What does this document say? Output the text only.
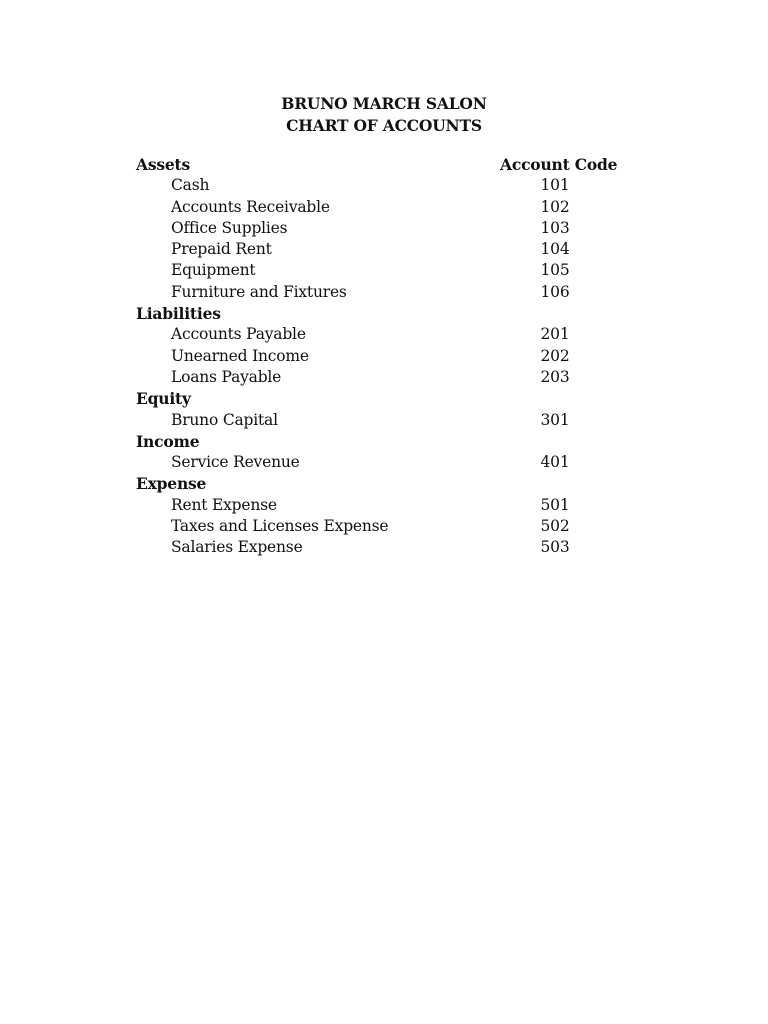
BRUNO MARCH SALON
CHART OF ACCOUNTS
Assets	Account Code
Cash	101
Accounts Receivable	102
Office Supplies	103
Prepaid Rent	104
Equipment	105
Furniture and Fixtures	106
Liabilities
Accounts Payable	201
Unearned Income	202
Loans Payable	203
Equity
Bruno Capital	301
Income
Service Revenue	401
Expense
Rent Expense	501
Taxes and Licenses Expense	502
Salaries Expense	503
